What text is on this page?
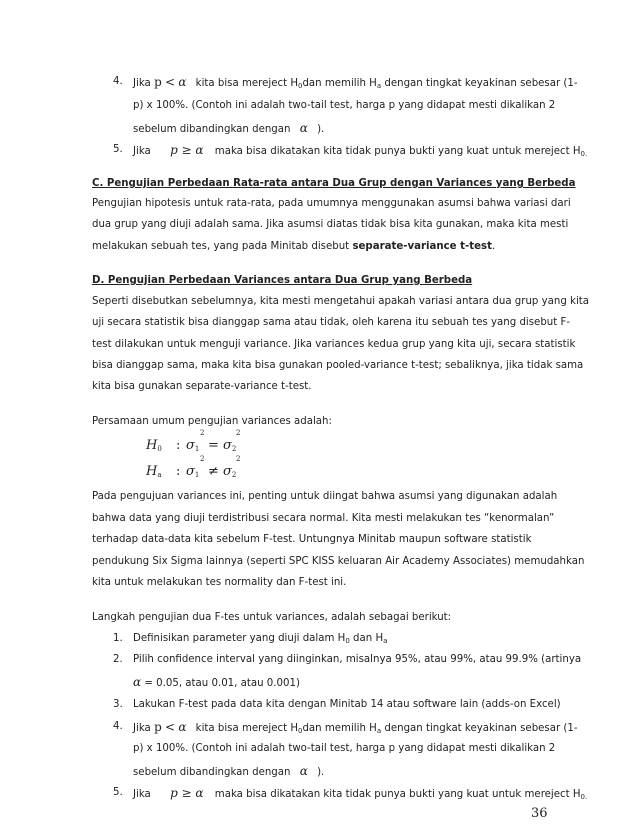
4. Jika p < α kita bisa mereject $H_0dan$ memilih $H_a$ dengan tingkat keyakinan sebesar (1-
p) x 100%. (Contoh ini adalah two-tail test, harga p yang didapat mesti dikalikan 2
sebelum dibandingkan dengan α ).
5. Jika p ≥ α maka bisa dikatakan kita tidak punya bukti yang kuat untuk mereject $H_{0.}$
C. Pengujian Perbedaan Rata-rata antara Dua Grup dengan Variances yang Berbeda
Pengujian hipotesis untuk rata-rata, pada umumnya menggunakan asumsi bahwa variasi dari
dua grup yang diuji adalah sama. Jika asumsi diatas tidak bisa kita gunakan, maka kita mesti
melakukan sebuah tes, yang pada Minitab disebut separate-variance t-test.
D. Pengujian Perbedaan Variances antara Dua Grup yang Berbeda
Seperti disebutkan sebelumnya, kita mesti mengetahui apakah variasi antara dua grup yang kita
uji secara statistik bisa dianggap sama atau tidak, oleh karena itu sebuah tes yang disebut F-
test dilakukan untuk menguji variance. Jika variances kedua grup yang kita uji, secara statistik
bisa dianggap sama, maka kita bisa gunakan pooled-variance t-test; sebaliknya, jika tidak sama
kita bisa gunakan separate-variance t-test.
Persamaan umum pengujian variances adalah:
$H_0$ : $\sigma_1$
2
= $\sigma_2$
2
$H_a$ : $\sigma_1$
2
≠ $\sigma_2$
2
Pada pengujuan variances ini, penting untuk diingat bahwa asumsi yang digunakan adalah
bahwa data yang diuji terdistribusi secara normal. Kita mesti melakukan tes “kenormalan”
terhadap data-data kita sebelum F-test. Untungnya Minitab maupun software statistik
pendukung Six Sigma lainnya (seperti SPC KISS keluaran Air Academy Associates) memudahkan
kita untuk melakukan tes normality dan F-test ini.
Langkah pengujian dua F-tes untuk variances, adalah sebagai berikut:
1. Definisikan parameter yang diuji dalam $H_0$ dan $H_a$
2. Pilih confidence interval yang diinginkan, misalnya 95%, atau 99%, atau 99.9% (artinya
α = 0.05, atau 0.01, atau 0.001)
3. Lakukan F-test pada data kita dengan Minitab 14 atau software lain (adds-on Excel)
4. Jika p < α kita bisa mereject $H_0dan$ memilih $H_a$ dengan tingkat keyakinan sebesar (1-
p) x 100%. (Contoh ini adalah two-tail test, harga p yang didapat mesti dikalikan 2
sebelum dibandingkan dengan α ).
5. Jika p ≥ α maka bisa dikatakan kita tidak punya bukti yang kuat untuk mereject $H_{0.}$
36
